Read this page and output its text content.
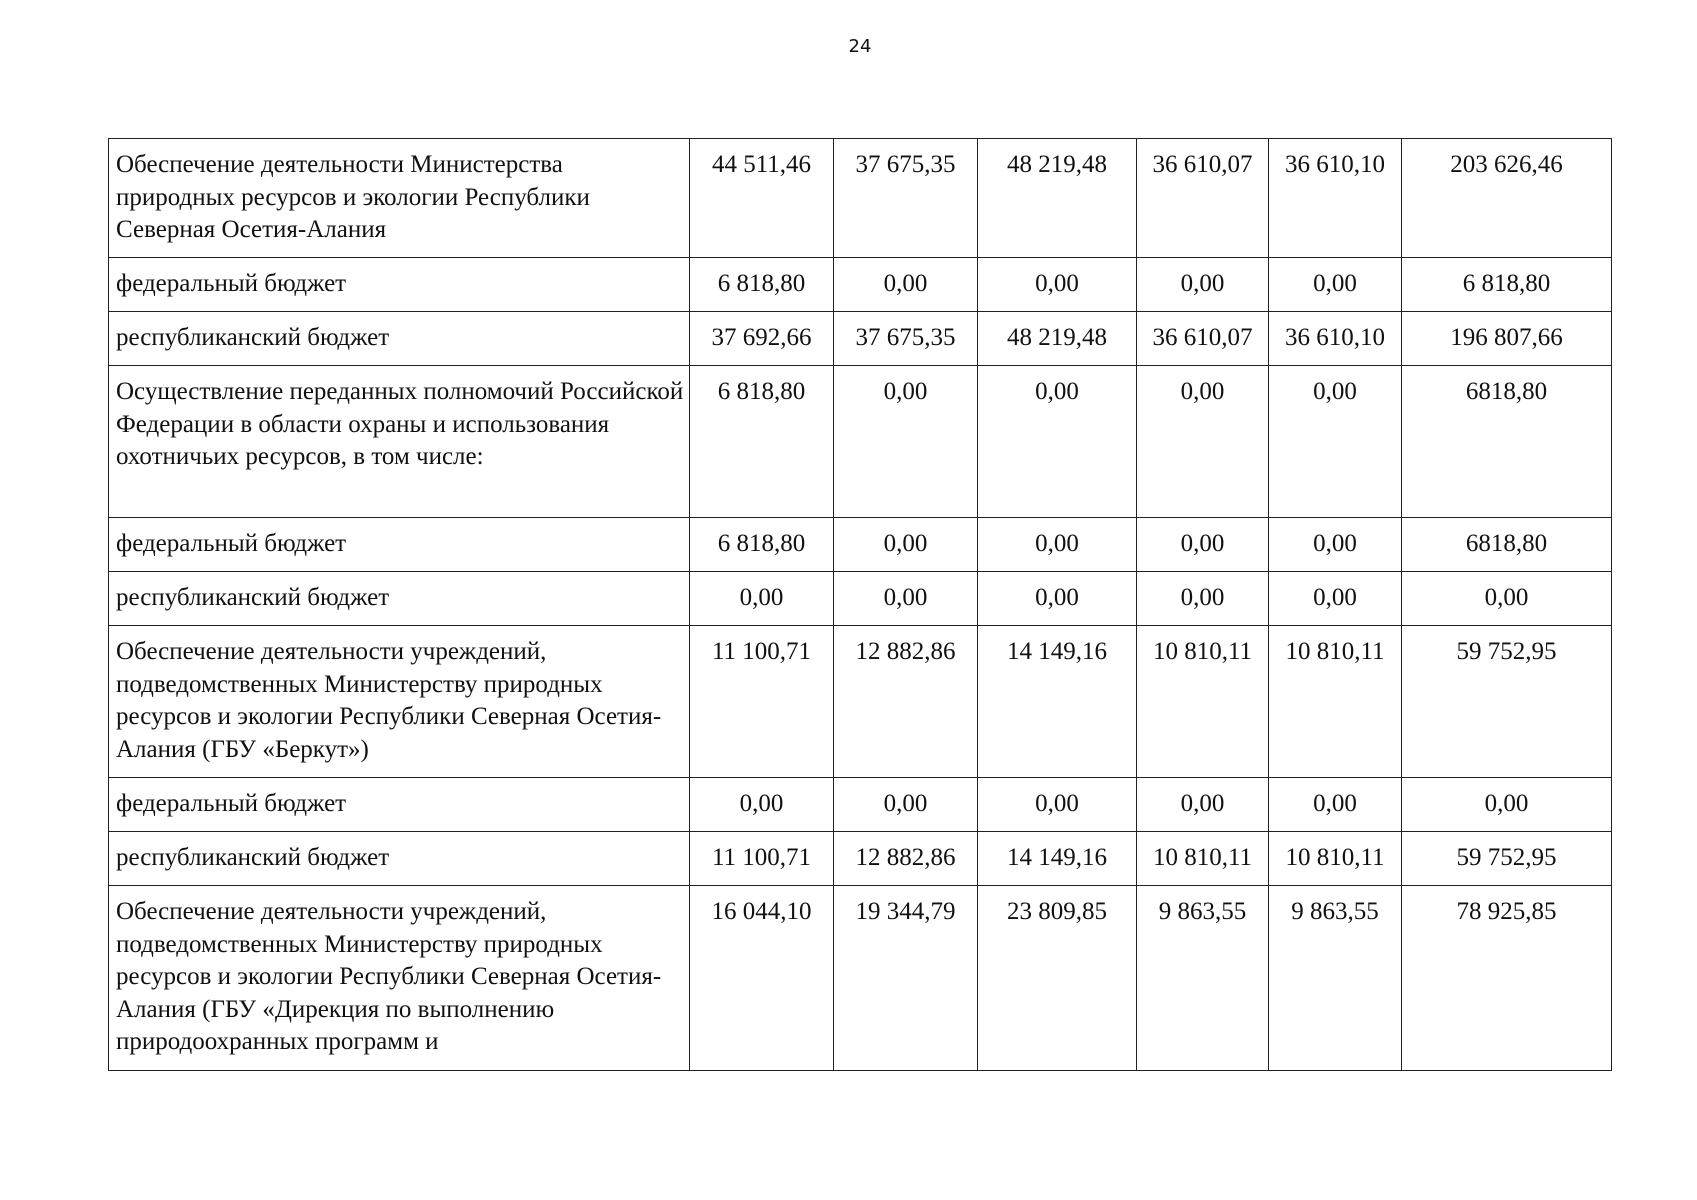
24
Обеспечение деятельности Министерства природных ресурсов и экологии Республики Северная Осетия-Алания	44 511,46	37 675,35	48 219,48	36 610,07	36 610,10	203 626,46
федеральный бюджет	6 818,80	0,00	0,00	0,00	0,00	6 818,80
республиканский бюджет	37 692,66	37 675,35	48 219,48	36 610,07	36 610,10	196 807,66
Осуществление переданных полномочий Российской Федерации в области охраны и использования охотничьих ресурсов, в том числе:	6 818,80	0,00	0,00	0,00	0,00	6818,80
федеральный бюджет	6 818,80	0,00	0,00	0,00	0,00	6818,80
республиканский бюджет	0,00	0,00	0,00	0,00	0,00	0,00
Обеспечение деятельности учреждений, подведомственных Министерству природных ресурсов и экологии Республики Северная Осетия-Алания (ГБУ «Беркут»)	11 100,71	12 882,86	14 149,16	10 810,11	10 810,11	59 752,95
федеральный бюджет	0,00	0,00	0,00	0,00	0,00	0,00
республиканский бюджет	11 100,71	12 882,86	14 149,16	10 810,11	10 810,11	59 752,95
Обеспечение деятельности учреждений, подведомственных Министерству природных ресурсов и экологии Республики Северная Осетия-Алания (ГБУ «Дирекция по выполнению природоохранных программ и	16 044,10	19 344,79	23 809,85	9 863,55	9 863,55	78 925,85
